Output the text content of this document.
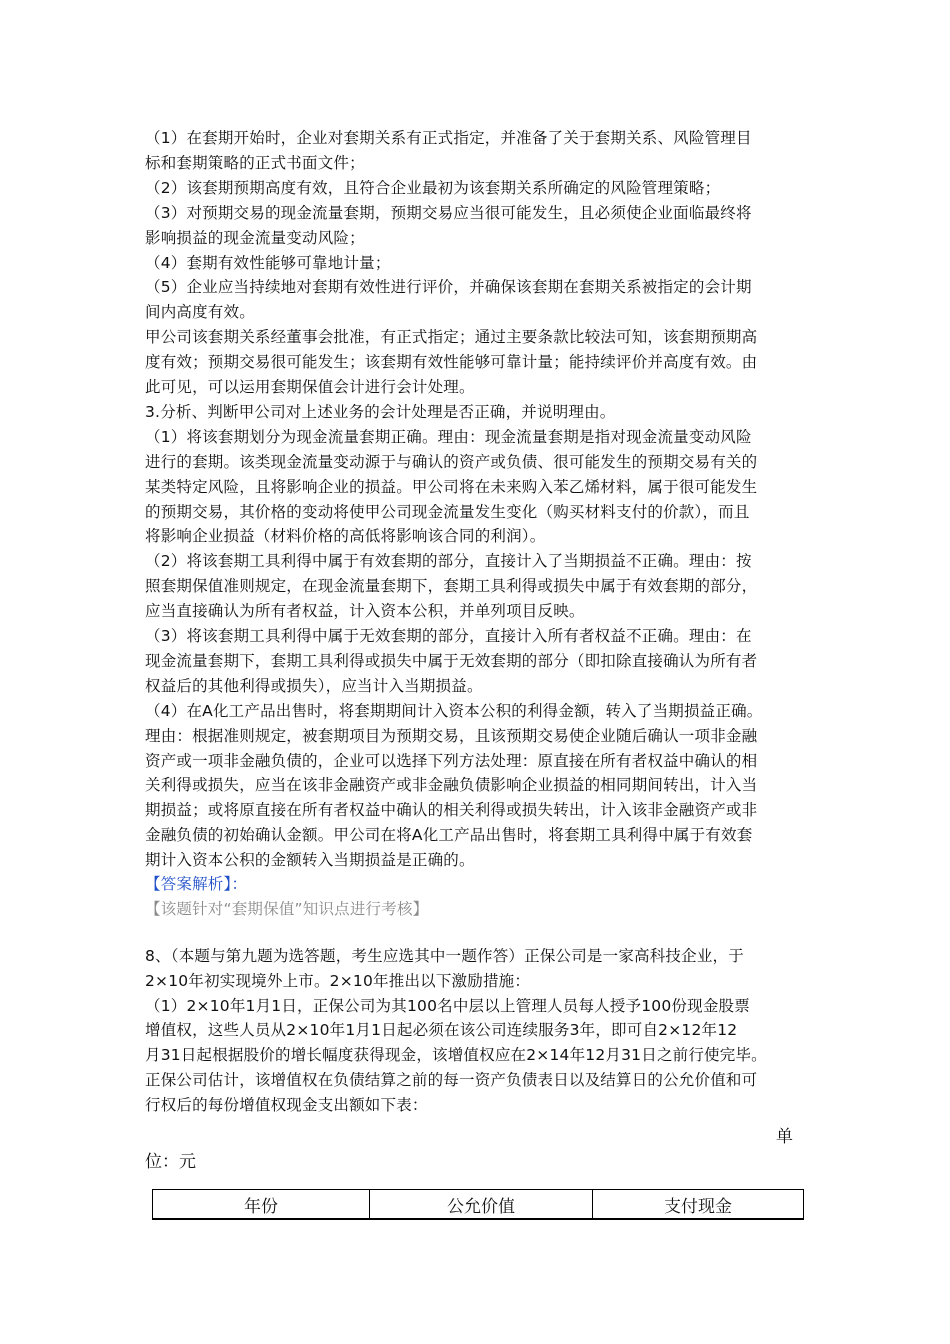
（1）在套期开始时，企业对套期关系有正式指定，并准备了关于套期关系、风险管理目
标和套期策略的正式书面文件；
（2）该套期预期高度有效，且符合企业最初为该套期关系所确定的风险管理策略；
（3）对预期交易的现金流量套期，预期交易应当很可能发生，且必须使企业面临最终将
影响损益的现金流量变动风险；
（4）套期有效性能够可靠地计量；
（5）企业应当持续地对套期有效性进行评价，并确保该套期在套期关系被指定的会计期
间内高度有效。
甲公司该套期关系经董事会批准，有正式指定；通过主要条款比较法可知，该套期预期高
度有效；预期交易很可能发生；该套期有效性能够可靠计量；能持续评价并高度有效。由
此可见，可以运用套期保值会计进行会计处理。
3.分析、判断甲公司对上述业务的会计处理是否正确，并说明理由。
（1）将该套期划分为现金流量套期正确。理由：现金流量套期是指对现金流量变动风险
进行的套期。该类现金流量变动源于与确认的资产或负债、很可能发生的预期交易有关的
某类特定风险，且将影响企业的损益。甲公司将在未来购入苯乙烯材料，属于很可能发生
的预期交易，其价格的变动将使甲公司现金流量发生变化（购买材料支付的价款），而且
将影响企业损益（材料价格的高低将影响该合同的利润）。
（2）将该套期工具利得中属于有效套期的部分，直接计入了当期损益不正确。理由：按
照套期保值准则规定，在现金流量套期下，套期工具利得或损失中属于有效套期的部分，
应当直接确认为所有者权益，计入资本公积，并单列项目反映。
（3）将该套期工具利得中属于无效套期的部分，直接计入所有者权益不正确。理由：在
现金流量套期下，套期工具利得或损失中属于无效套期的部分（即扣除直接确认为所有者
权益后的其他利得或损失），应当计入当期损益。
（4）在A化工产品出售时，将套期期间计入资本公积的利得金额，转入了当期损益正确。
理由：根据准则规定，被套期项目为预期交易，且该预期交易使企业随后确认一项非金融
资产或一项非金融负债的，企业可以选择下列方法处理：原直接在所有者权益中确认的相
关利得或损失，应当在该非金融资产或非金融负债影响企业损益的相同期间转出，计入当
期损益；或将原直接在所有者权益中确认的相关利得或损失转出，计入该非金融资产或非
金融负债的初始确认金额。甲公司在将A化工产品出售时，将套期工具利得中属于有效套
期计入资本公积的金额转入当期损益是正确的。
【答案解析】：
【该题针对“套期保值”知识点进行考核】
8、（本题与第九题为选答题，考生应选其中一题作答）正保公司是一家高科技企业，于
2×10年初实现境外上市。2×10年推出以下激励措施：
（1）2×10年1月1日，正保公司为其100名中层以上管理人员每人授予100份现金股票
增值权，这些人员从2×10年1月1日起必须在该公司连续服务3年，即可自2×12年12
月31日起根据股价的增长幅度获得现金，该增值权应在2×14年12月31日之前行使完毕。
正保公司估计，该增值权在负债结算之前的每一资产负债表日以及结算日的公允价值和可
行权后的每份增值权现金支出额如下表：
单
位：元
年份	公允价值	支付现金
